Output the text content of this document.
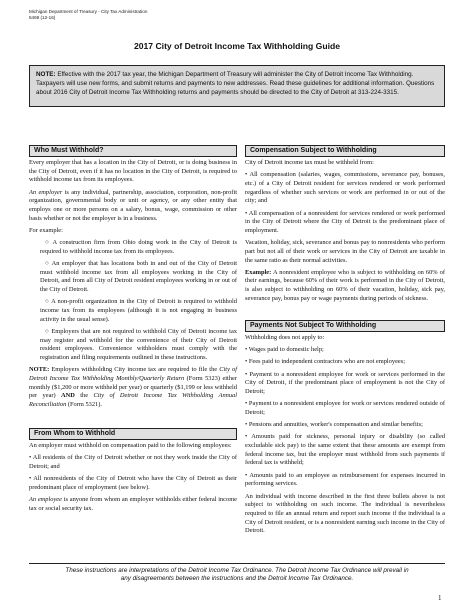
Michigan Department of Treasury - City Tax Administration
5469 (12-16)
2017 City of Detroit Income Tax Withholding Guide
NOTE: Effective with the 2017 tax year, the Michigan Department of Treasury will administer the City of Detroit Income Tax Withholding. Taxpayers will use new forms, and submit returns and payments to new addresses. Read these guidelines for additional information. Questions about 2016 City of Detroit Income Tax Withholding returns and payments should be directed to the City of Detroit at 313-224-3315.
Who Must Withhold?

Every employer that has a location in the City of Detroit, or is doing business in the City of Detroit, even if it has no location in the City of Detroit, is required to withhold income tax from its employees.

An employer is any individual, partnership, association, corporation, non-profit organization, governmental body or unit or agency, or any other entity that employs one or more persons on a salary, bonus, wage, commission or other basis whether or not the employer is in a business.

For example:

○ A construction firm from Ohio doing work in the City of Detroit is required to withhold income tax from its employees.

○ An employer that has locations both in and out of the City of Detroit must withhold income tax from all employees working in the City of Detroit, and from all City of Detroit resident employees working in or out of the City of Detroit.

○ A non-profit organization in the City of Detroit is required to withhold income tax from its employees (although it is not engaging in business activity in the usual sense).

○ Employers that are not required to withhold City of Detroit income tax may register and withhold for the convenience of their City of Detroit resident employees. Convenience withholders must comply with the registration and filing requirements outlined in these instructions.

NOTE: Employers withholding City income tax are required to file the City of Detroit Income Tax Withholding Monthly/Quarterly Return (Form 5323) either monthly ($1,200 or more withheld per year) or quarterly ($1,199 or less withheld per year) AND the City of Detroit Income Tax Withholding Annual Reconciliation (Form 5321).

From Whom to Withhold

An employer must withhold on compensation paid to the following employees:

• All residents of the City of Detroit whether or not they work inside the City of Detroit; and

• All nonresidents of the City of Detroit who have the City of Detroit as their predominant place of employment (see below).

An employee is anyone from whom an employer withholds either federal income tax or social security tax.

Compensation Subject to Withholding

City of Detroit income tax must be withheld from:

• All compensation (salaries, wages, commissions, severance pay, bonuses, etc.) of a City of Detroit resident for services rendered or work performed regardless of whether such services or work are performed in or out of the city; and

• All compensation of a nonresident for services rendered or work performed in the City of Detroit where the City of Detroit is the predominant place of employment.

Vacation, holiday, sick, severance and bonus pay to nonresidents who perform part but not all of their work or services in the City of Detroit are taxable in the same ratio as their normal activities.

Example: A nonresident employee who is subject to withholding on 60% of their earnings, because 60% of their work is performed in the City of Detroit, is also subject to withholding on 60% of their vacation, holiday, sick pay, severance pay, bonus pay or wage payments during periods of sickness.

Payments Not Subject To Withholding

Withholding does not apply to:

• Wages paid to domestic help;

• Fees paid to independent contractors who are not employees;

• Payment to a nonresident employee for work or services performed in the City of Detroit, if the predominant place of employment is not the City of Detroit;

• Payment to a nonresident employee for work or services rendered outside of Detroit;

• Pensions and annuities, worker's compensation and similar benefits;

• Amounts paid for sickness, personal injury or disability (so called excludable sick pay) to the same extent that these amounts are exempt from federal income tax, but the employer must withhold from such payments if federal tax is withheld;

• Amounts paid to an employee as reimbursement for expenses incurred in performing services.

An individual with income described in the first three bullets above is not subject to withholding on such income. The individual is nevertheless required to file an annual return and report such income if the individual is a City of Detroit resident, or is a nonresident earning such income in the City of Detroit.

These instructions are interpretations of the Detroit Income Tax Ordinance. The Detroit Income Tax Ordinance will prevail in
any disagreements between the instructions and the Detroit Income Tax Ordinance.
1
